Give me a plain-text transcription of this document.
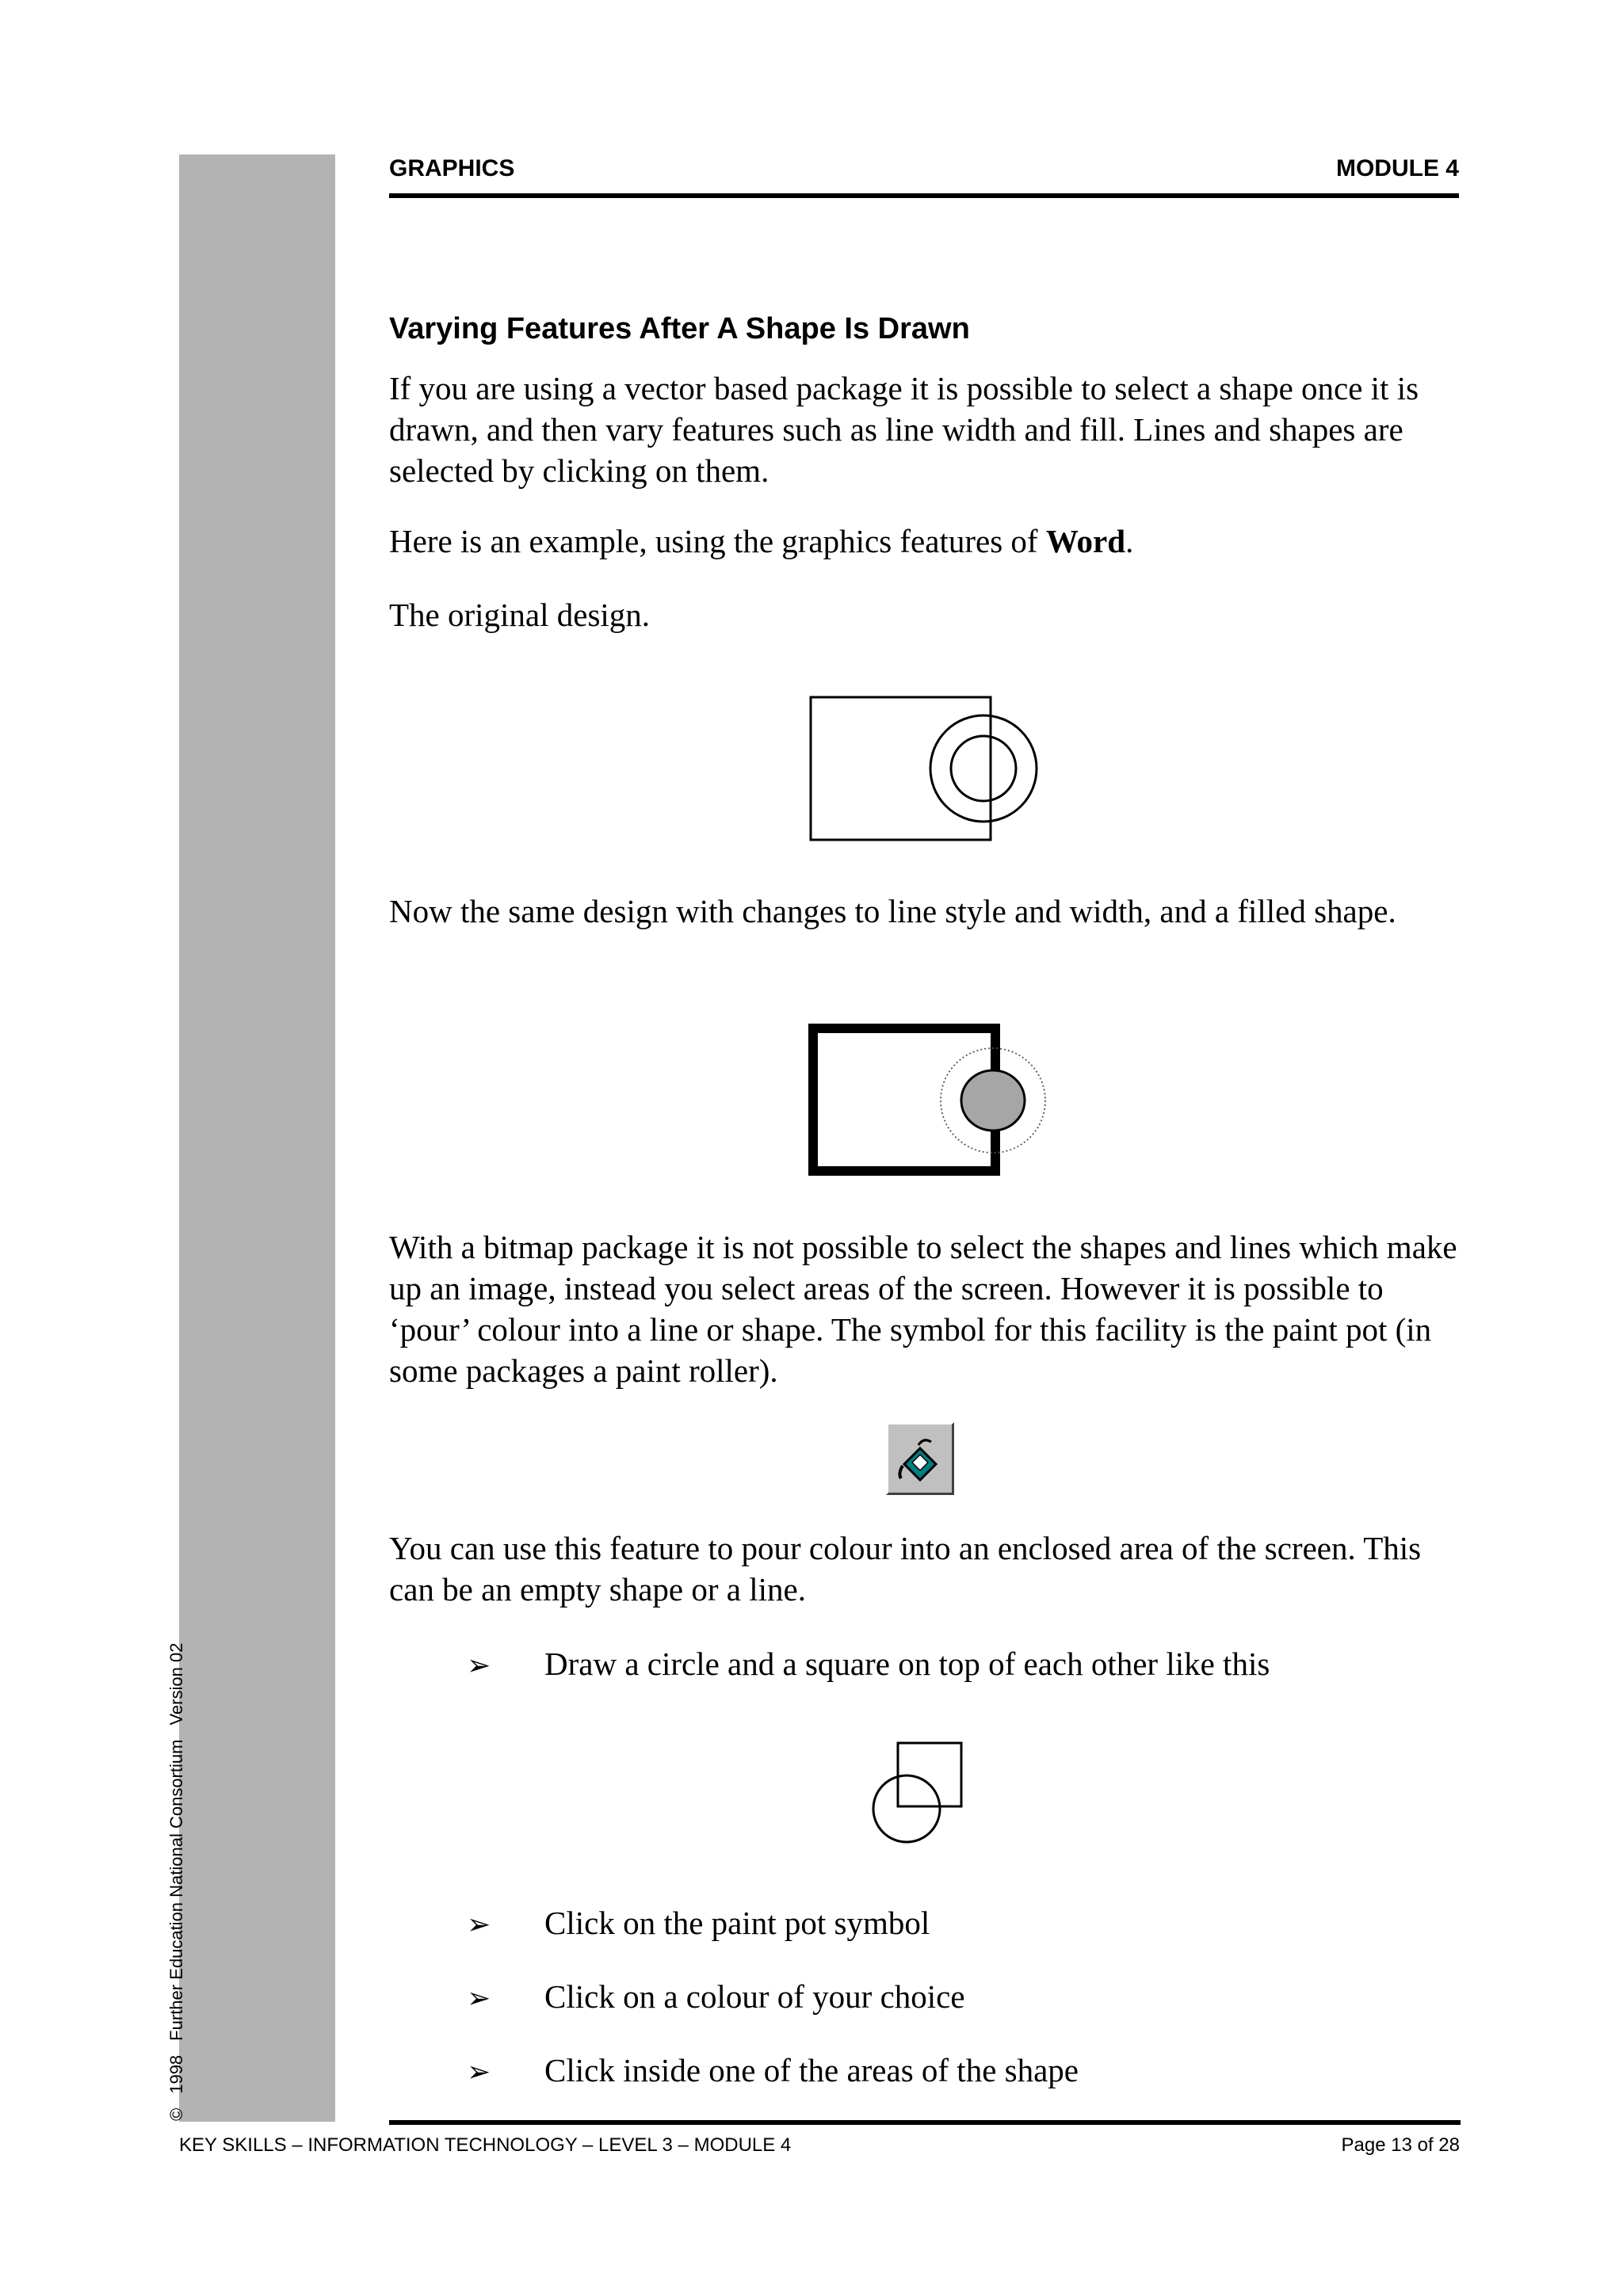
©1998Further Education National ConsortiumVersion 02
GRAPHICS	MODULE 4
Varying Features After A Shape Is Drawn
If you are using a vector based package it is possible to select a shape once it is drawn, and then vary features such as line width and fill. Lines and shapes are selected by clicking on them.
Here is an example, using the graphics features of Word.
The original design.
Now the same design with changes to line style and width, and a filled shape.
With a bitmap package it is not possible to select the shapes and lines which make up an image, instead you select areas of the screen. However it is possible to ‘pour’ colour into a line or shape. The symbol for this facility is the paint pot (in some packages a paint roller).
You can use this feature to pour colour into an enclosed area of the screen. This can be an empty shape or a line.
➢ Draw a circle and a square on top of each other like this
➢ Click on the paint pot symbol
➢ Click on a colour of your choice
➢ Click inside one of the areas of the shape
KEY SKILLS – INFORMATION TECHNOLOGY – LEVEL 3 – MODULE 4	Page 13 of 28
